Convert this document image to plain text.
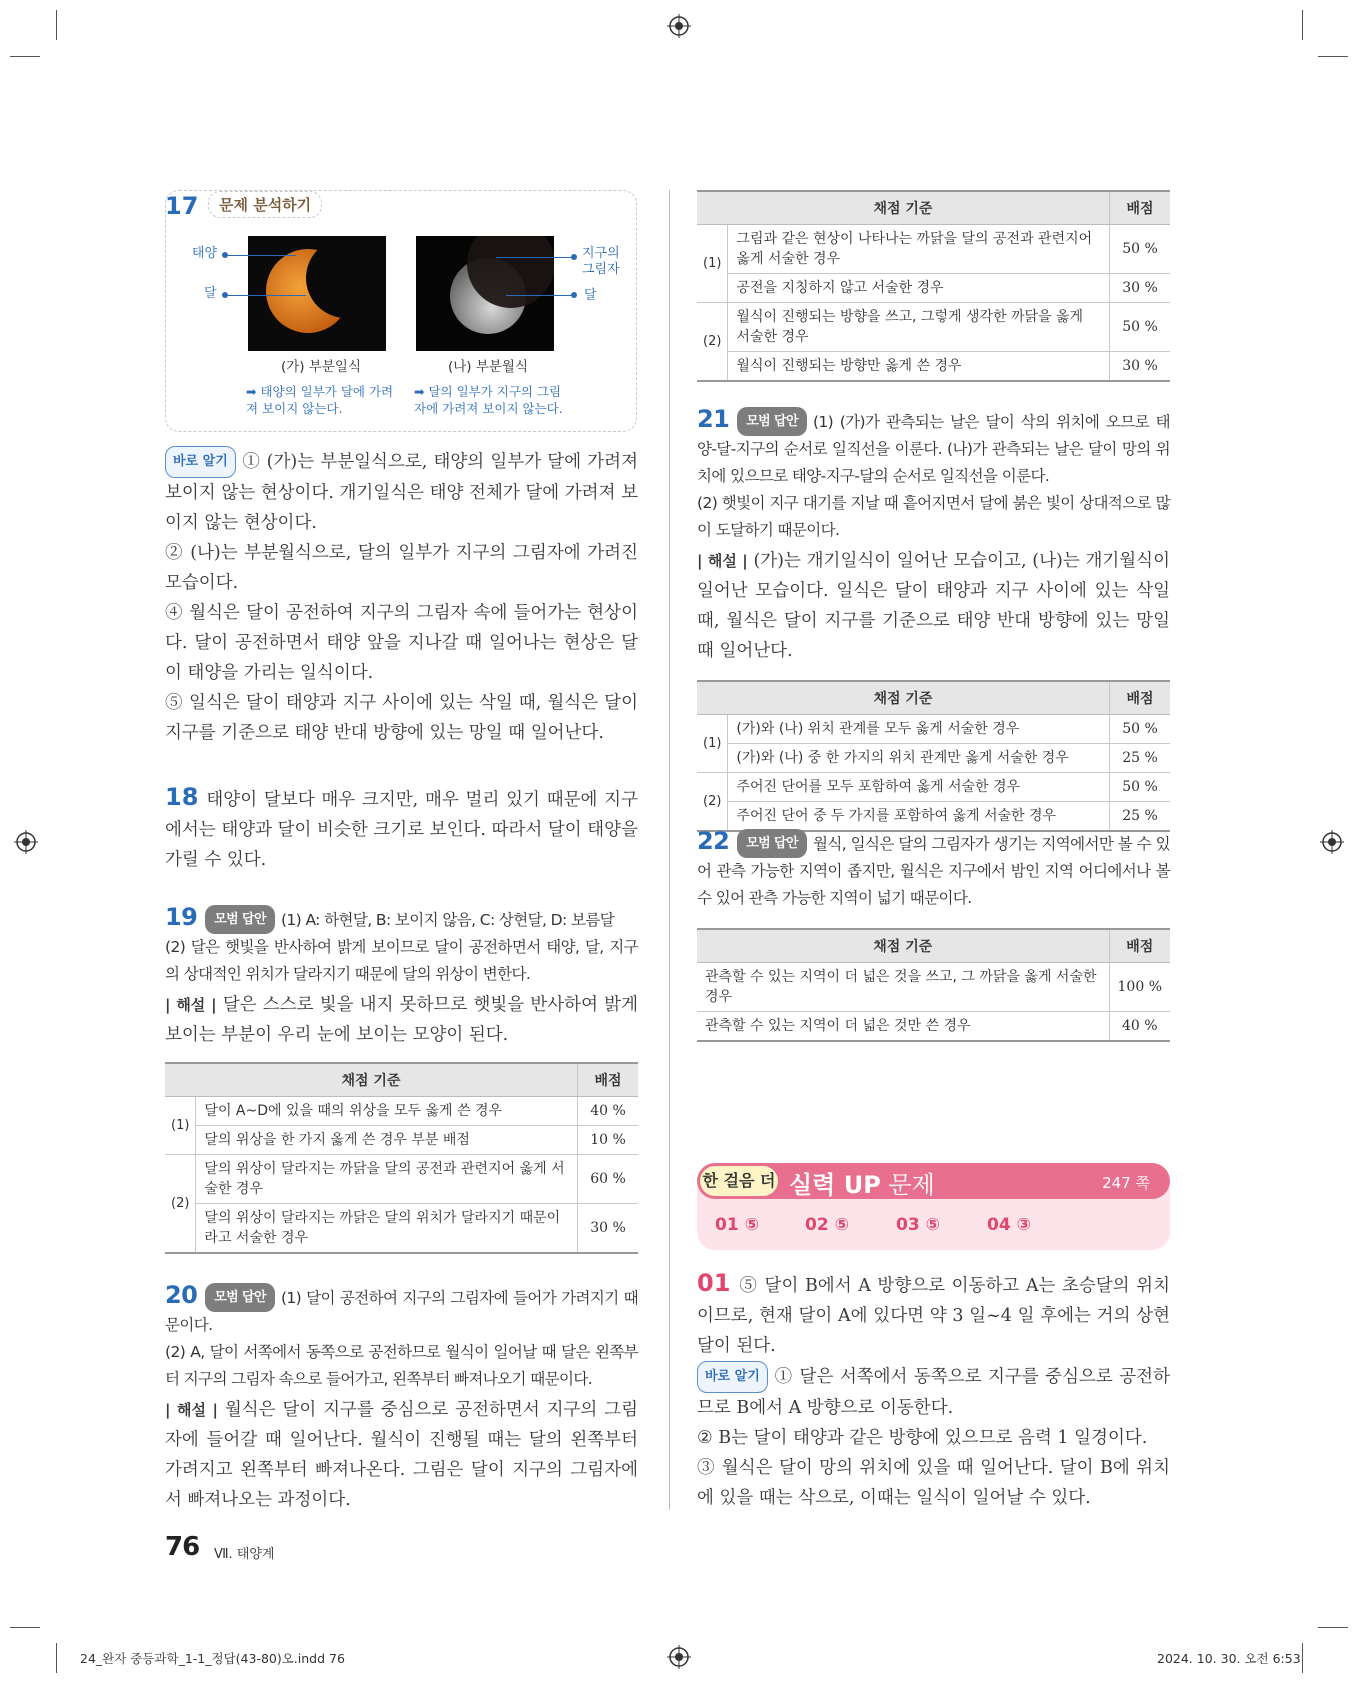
17	문제 분석하기
태양
달
지구의
그림자
달
(가) 부분일식	(나) 부분월식
➡ 태양의 일부가 달에 가려
져 보이지 않는다.
➡ 달의 일부가 지구의 그림
자에 가려져 보이지 않는다.
바로 알기 ① (가)는 부분일식으로, 태양의 일부가 달에 가려져 보이지 않는 현상이다. 개기일식은 태양 전체가 달에 가려져 보이지 않는 현상이다.
② (나)는 부분월식으로, 달의 일부가 지구의 그림자에 가려진 모습이다.
④ 월식은 달이 공전하여 지구의 그림자 속에 들어가는 현상이다. 달이 공전하면서 태양 앞을 지나갈 때 일어나는 현상은 달이 태양을 가리는 일식이다.
⑤ 일식은 달이 태양과 지구 사이에 있는 삭일 때, 월식은 달이 지구를 기준으로 태양 반대 방향에 있는 망일 때 일어난다.
18 태양이 달보다 매우 크지만, 매우 멀리 있기 때문에 지구에서는 태양과 달이 비슷한 크기로 보인다. 따라서 달이 태양을 가릴 수 있다.
19 모범 답안 (1) A: 하현달, B: 보이지 않음, C: 상현달, D: 보름달
(2) 달은 햇빛을 반사하여 밝게 보이므로 달이 공전하면서 태양, 달, 지구의 상대적인 위치가 달라지기 때문에 달의 위상이 변한다.
| 해설 | 달은 스스로 빛을 내지 못하므로 햇빛을 반사하여 밝게 보이는 부분이 우리 눈에 보이는 모양이 된다.
채점 기준		배점
(1)	달이 A~D에 있을 때의 위상을 모두 옳게 쓴 경우	40 %
	달의 위상을 한 가지 옳게 쓴 경우 부분 배점	10 %
(2)	달의 위상이 달라지는 까닭을 달의 공전과 관련지어 옳게 서술한 경우	60 %
	달의 위상이 달라지는 까닭은 달의 위치가 달라지기 때문이라고 서술한 경우	30 %
20 모범 답안 (1) 달이 공전하여 지구의 그림자에 들어가 가려지기 때문이다.
(2) A, 달이 서쪽에서 동쪽으로 공전하므로 월식이 일어날 때 달은 왼쪽부터 지구의 그림자 속으로 들어가고, 왼쪽부터 빠져나오기 때문이다.
| 해설 | 월식은 달이 지구를 중심으로 공전하면서 지구의 그림자에 들어갈 때 일어난다. 월식이 진행될 때는 달의 왼쪽부터 가려지고 왼쪽부터 빠져나온다. 그림은 달이 지구의 그림자에서 빠져나오는 과정이다.
76 Ⅶ. 태양계
채점 기준		배점
(1)	그림과 같은 현상이 나타나는 까닭을 달의 공전과 관련지어 옳게 서술한 경우	50 %
	공전을 지칭하지 않고 서술한 경우	30 %
(2)	월식이 진행되는 방향을 쓰고, 그렇게 생각한 까닭을 옳게 서술한 경우	50 %
	월식이 진행되는 방향만 옳게 쓴 경우	30 %
21 모범 답안 (1) (가)가 관측되는 날은 달이 삭의 위치에 오므로 태양-달-지구의 순서로 일직선을 이룬다. (나)가 관측되는 날은 달이 망의 위치에 있으므로 태양-지구-달의 순서로 일직선을 이룬다.
(2) 햇빛이 지구 대기를 지날 때 흩어지면서 달에 붉은 빛이 상대적으로 많이 도달하기 때문이다.
| 해설 | (가)는 개기일식이 일어난 모습이고, (나)는 개기월식이 일어난 모습이다. 일식은 달이 태양과 지구 사이에 있는 삭일 때, 월식은 달이 지구를 기준으로 태양 반대 방향에 있는 망일 때 일어난다.
채점 기준		배점
(1)	(가)와 (나) 위치 관계를 모두 옳게 서술한 경우	50 %
	(가)와 (나) 중 한 가지의 위치 관계만 옳게 서술한 경우	25 %
(2)	주어진 단어를 모두 포함하여 옳게 서술한 경우	50 %
	주어진 단어 중 두 가지를 포함하여 옳게 서술한 경우	25 %
22 모범 답안 월식, 일식은 달의 그림자가 생기는 지역에서만 볼 수 있어 관측 가능한 지역이 좁지만, 월식은 지구에서 밤인 지역 어디에서나 볼 수 있어 관측 가능한 지역이 넓기 때문이다.
채점 기준	배점
관측할 수 있는 지역이 더 넓은 것을 쓰고, 그 까닭을 옳게 서술한 경우	100 %
관측할 수 있는 지역이 더 넓은 것만 쓴 경우	40 %
한 걸음 더 실력 UP 문제	247 쪽
01 ⑤	02 ⑤	03 ⑤	04 ③
01 ⑤ 달이 B에서 A 방향으로 이동하고 A는 초승달의 위치이므로, 현재 달이 A에 있다면 약 3 일~4 일 후에는 거의 상현달이 된다.
바로 알기 ① 달은 서쪽에서 동쪽으로 지구를 중심으로 공전하므로 B에서 A 방향으로 이동한다.
② B는 달이 태양과 같은 방향에 있으므로 음력 1 일경이다.
③ 월식은 달이 망의 위치에 있을 때 일어난다. 달이 B에 위치에 있을 때는 삭으로, 이때는 일식이 일어날 수 있다.
24_완자 중등과학_1-1_정답(43-80)오.indd 76	2024. 10. 30. 오전 6:53
